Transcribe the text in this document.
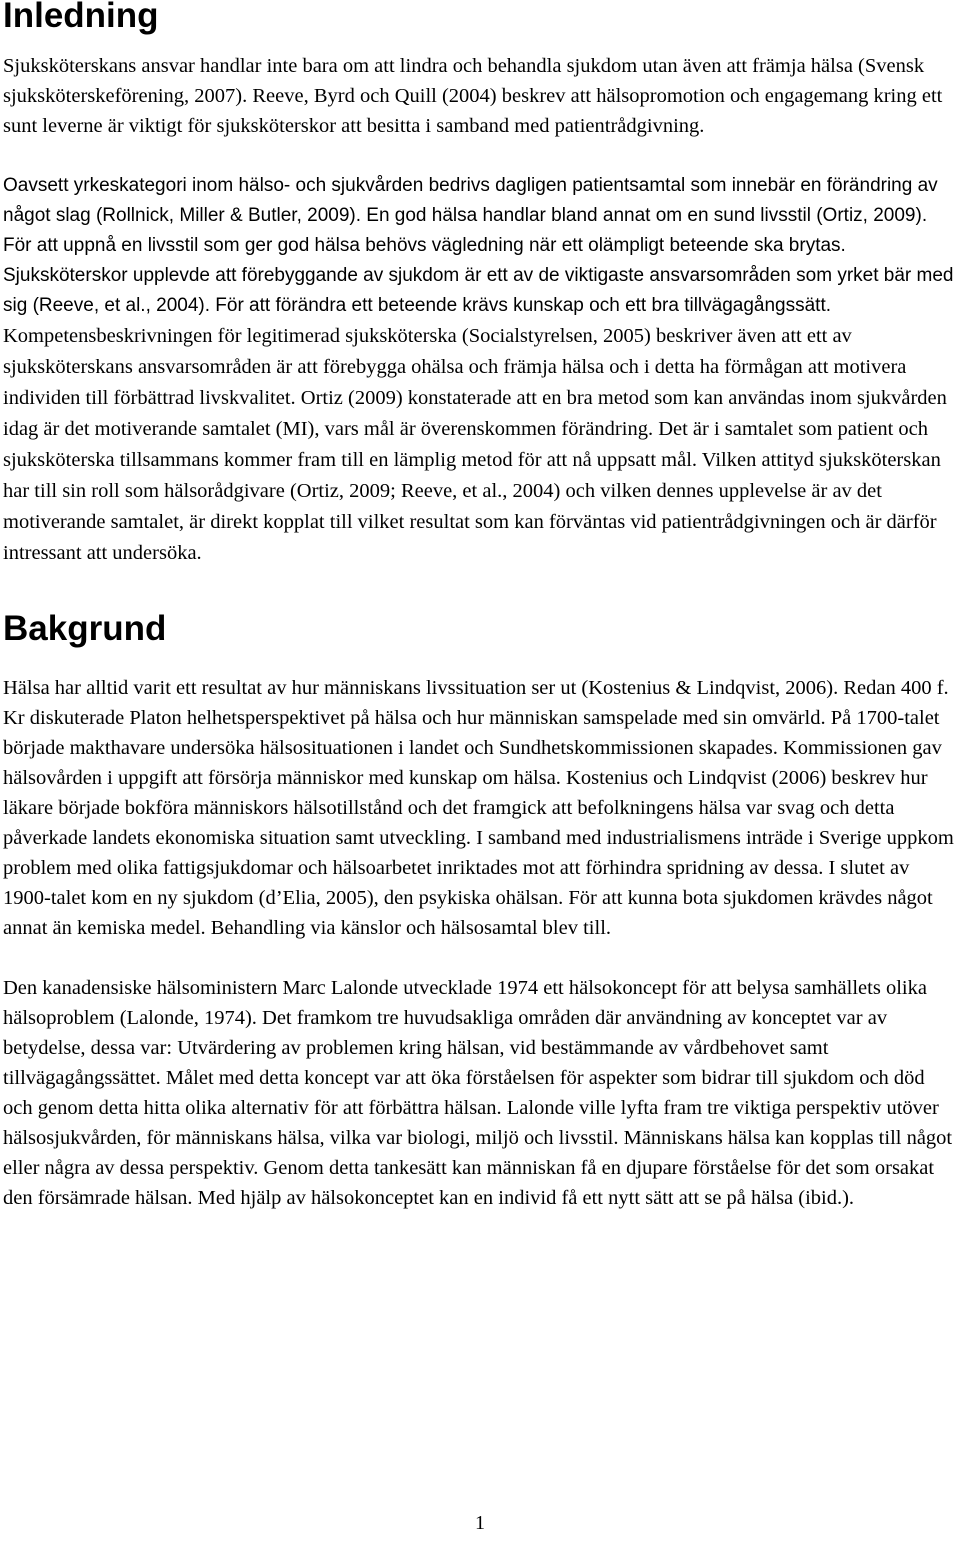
Inledning

Sjuksköterskans ansvar handlar inte bara om att lindra och behandla sjukdom utan även att främja hälsa (Svensk sjuksköterskeförening, 2007). Reeve, Byrd och Quill (2004) beskrev att hälsopromotion och engagemang kring ett sunt leverne är viktigt för sjuksköterskor att besitta i samband med patientrådgivning.

Oavsett yrkeskategori inom hälso- och sjukvården bedrivs dagligen patientsamtal som innebär en förändring av något slag (Rollnick, Miller & Butler, 2009). En god hälsa handlar bland annat om en sund livsstil (Ortiz, 2009). För att uppnå en livsstil som ger god hälsa behövs vägledning när ett olämpligt beteende ska brytas. Sjuksköterskor upplevde att förebyggande av sjukdom är ett av de viktigaste ansvarsområden som yrket bär med sig (Reeve, et al., 2004). För att förändra ett beteende krävs kunskap och ett bra tillvägagångssätt. Kompetensbeskrivningen för legitimerad sjuksköterska (Socialstyrelsen, 2005) beskriver även att ett av sjuksköterskans ansvarsområden är att förebygga ohälsa och främja hälsa och i detta ha förmågan att motivera individen till förbättrad livskvalitet. Ortiz (2009) konstaterade att en bra metod som kan användas inom sjukvården idag är det motiverande samtalet (MI), vars mål är överenskommen förändring. Det är i samtalet som patient och sjuksköterska tillsammans kommer fram till en lämplig metod för att nå uppsatt mål. Vilken attityd sjuksköterskan har till sin roll som hälsorådgivare (Ortiz, 2009; Reeve, et al., 2004) och vilken dennes upplevelse är av det motiverande samtalet, är direkt kopplat till vilket resultat som kan förväntas vid patientrådgivningen och är därför intressant att undersöka.

Bakgrund

Hälsa har alltid varit ett resultat av hur människans livssituation ser ut (Kostenius & Lindqvist, 2006). Redan 400 f. Kr diskuterade Platon helhetsperspektivet på hälsa och hur människan samspelade med sin omvärld. På 1700-talet började makthavare undersöka hälsosituationen i landet och Sundhetskommissionen skapades. Kommissionen gav hälsovården i uppgift att försörja människor med kunskap om hälsa. Kostenius och Lindqvist (2006) beskrev hur läkare började bokföra människors hälsotillstånd och det framgick att befolkningens hälsa var svag och detta påverkade landets ekonomiska situation samt utveckling. I samband med industrialismens inträde i Sverige uppkom problem med olika fattigsjukdomar och hälsoarbetet inriktades mot att förhindra spridning av dessa. I slutet av 1900-talet kom en ny sjukdom (d’Elia, 2005), den psykiska ohälsan. För att kunna bota sjukdomen krävdes något annat än kemiska medel. Behandling via känslor och hälsosamtal blev till.

Den kanadensiske hälsoministern Marc Lalonde utvecklade 1974 ett hälsokoncept för att belysa samhällets olika hälsoproblem (Lalonde, 1974). Det framkom tre huvudsakliga områden där användning av konceptet var av betydelse, dessa var: Utvärdering av problemen kring hälsan, vid bestämmande av vårdbehovet samt tillvägagångssättet. Målet med detta koncept var att öka förståelsen för aspekter som bidrar till sjukdom och död och genom detta hitta olika alternativ för att förbättra hälsan. Lalonde ville lyfta fram tre viktiga perspektiv utöver hälsosjukvården, för människans hälsa, vilka var biologi, miljö och livsstil. Människans hälsa kan kopplas till något eller några av dessa perspektiv. Genom detta tankesätt kan människan få en djupare förståelse för det som orsakat den försämrade hälsan. Med hjälp av hälsokonceptet kan en individ få ett nytt sätt att se på hälsa (ibid.).

1
